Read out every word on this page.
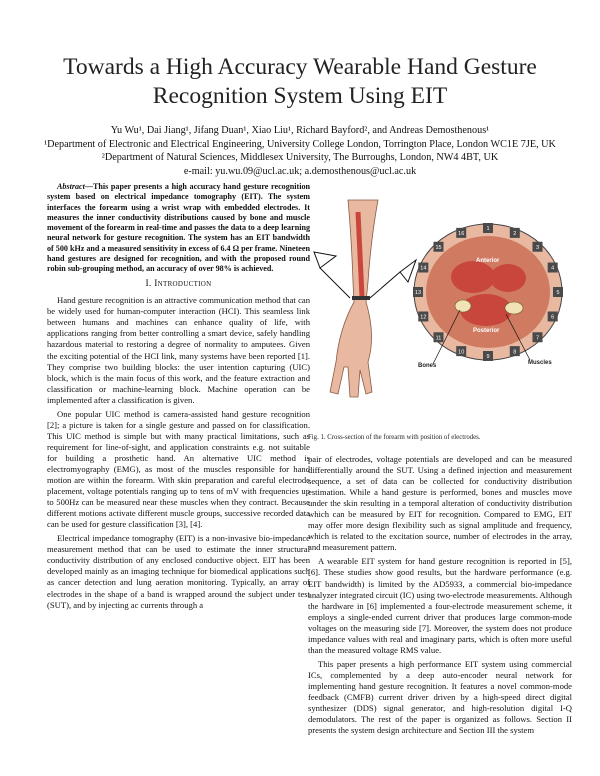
Towards a High Accuracy Wearable Hand Gesture
Recognition System Using EIT
Yu Wu¹, Dai Jiang¹, Jifang Duan¹, Xiao Liu¹, Richard Bayford², and Andreas Demosthenous¹
¹Department of Electronic and Electrical Engineering, University College London, Torrington Place, London WC1E 7JE, UK
²Department of Natural Sciences, Middlesex University, The Burroughs, London, NW4 4BT, UK
e-mail: yu.wu.09@ucl.ac.uk; a.demosthenous@ucl.ac.uk

Abstract—This paper presents a high accuracy hand gesture recognition system based on electrical impedance tomography (EIT). The system interfaces the forearm using a wrist wrap with embedded electrodes. It measures the inner conductivity distributions caused by bone and muscle movement of the forearm in real-time and passes the data to a deep learning neural network for gesture recognition. The system has an EIT bandwidth of 500 kHz and a measured sensitivity in excess of 6.4 Ω per frame. Nineteen hand gestures are designed for recognition, and with the proposed round robin sub-grouping method, an accuracy of over 98% is achieved.

I. Introduction

Hand gesture recognition is an attractive communication method that can be widely used for human-computer interaction (HCI). This seamless link between humans and machines can enhance quality of life, with applications ranging from better controlling a smart device, safely handling hazardous material to restoring a degree of normality to amputees. Given the exciting potential of the HCI link, many systems have been reported [1]. They comprise two building blocks: the user intention capturing (UIC) block, which is the main focus of this work, and the feature extraction and classification or machine-learning block. Machine operation can be implemented after a classification is given.

One popular UIC method is camera-assisted hand gesture recognition [2]; a picture is taken for a single gesture and passed on for classification. This UIC method is simple but with many practical limitations, such as requirement for line-of-sight, and application constraints e.g. not suitable for building a prosthetic hand. An alternative UIC method is electromyography (EMG), as most of the muscles responsible for hand motion are within the forearm. With skin preparation and careful electrode placement, voltage potentials ranging up to tens of mV with frequencies up to 500Hz can be measured near these muscles when they contract. Because different motions activate different muscle groups, successive recorded data can be used for gesture classification [3], [4].

Electrical impedance tomography (EIT) is a non-invasive bio-impedance measurement method that can be used to estimate the inner structural conductivity distribution of any enclosed conductive object. EIT has been developed mainly as an imaging technique for biomedical applications such as cancer detection and lung aeration monitoring. Typically, an array of electrodes in the shape of a band is wrapped around the subject under test (SUT), and by injecting ac currents through a

1
2
3
4
5
6
7
8
9
10
11
12
13
14
15
16
Anterior
Posterior
Bones	Muscles
Fig. 1. Cross-section of the forearm with position of electrodes.

pair of electrodes, voltage potentials are developed and can be measured differentially around the SUT. Using a defined injection and measurement sequence, a set of data can be collected for conductivity distribution estimation. While a hand gesture is performed, bones and muscles move under the skin resulting in a temporal alteration of conductivity distribution which can be measured by EIT for recognition. Compared to EMG, EIT may offer more design flexibility such as signal amplitude and frequency, which is related to the excitation source, number of electrodes in the array, and measurement pattern.

A wearable EIT system for hand gesture recognition is reported in [5], [6]. These studies show good results, but the hardware performance (e.g. EIT bandwidth) is limited by the AD5933, a commercial bio-impedance analyzer integrated circuit (IC) using two-electrode measurements. Although the hardware in [6] implemented a four-electrode measurement scheme, it employs a single-ended current driver that produces large common-mode voltages on the measuring side [7]. Moreover, the system does not produce impedance values with real and imaginary parts, which is often more useful than the measured voltage RMS value.

This paper presents a high performance EIT system using commercial ICs, complemented by a deep auto-encoder neural network for implementing hand gesture recognition. It features a novel common-mode feedback (CMFB) current driver driven by a high-speed direct digital synthesizer (DDS) signal generator, and high-resolution digital I-Q demodulators. The rest of the paper is organized as follows. Section II presents the system design architecture and Section III the system
